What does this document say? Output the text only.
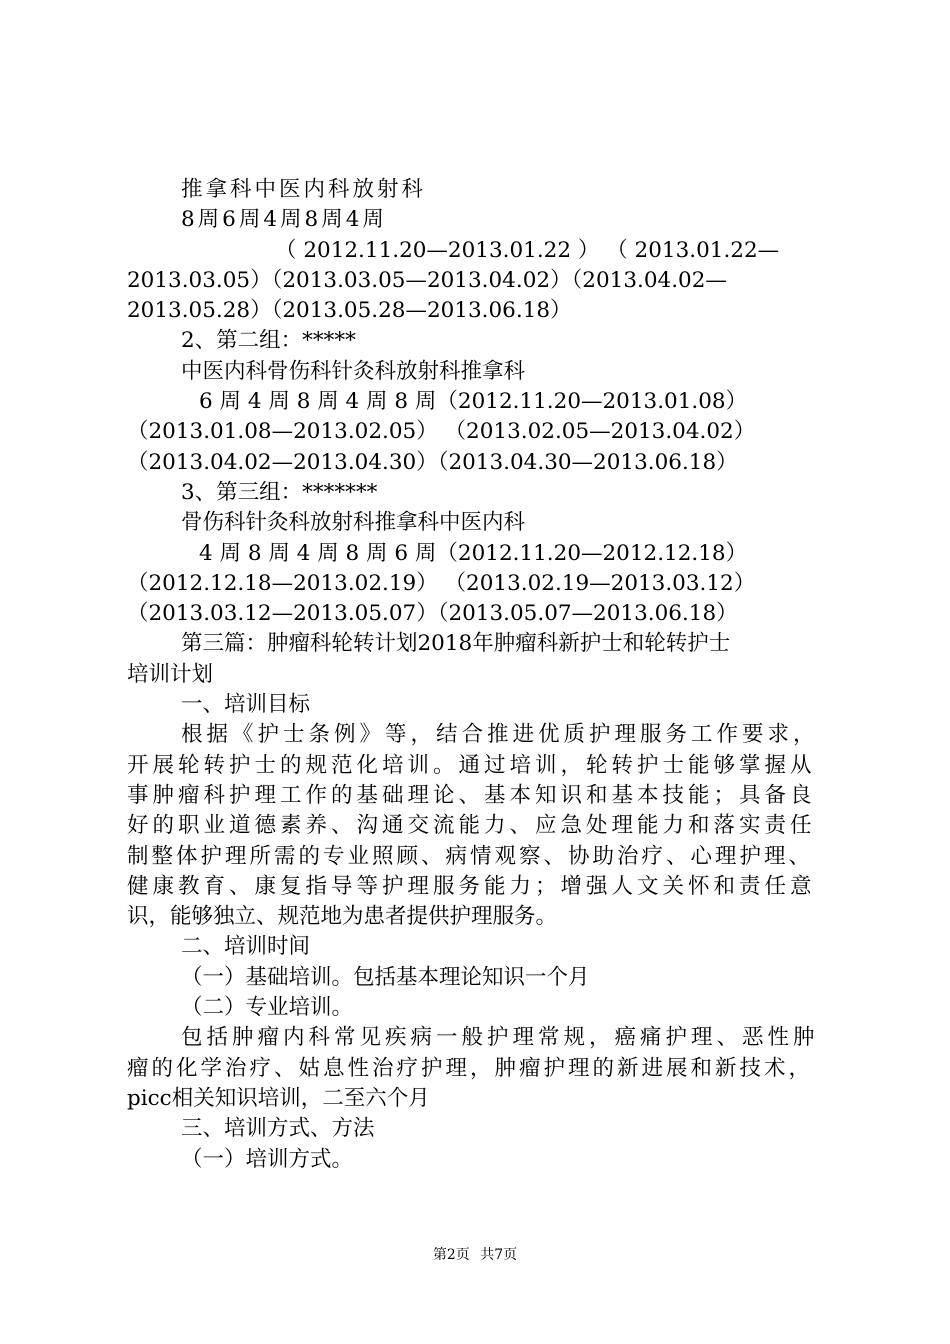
推拿科中医内科放射科
8周6周4周8周4周
（ 2012.11.20—2013.01.22 ） （ 2013.01.22—
2013.03.05）（2013.03.05—2013.04.02）（2013.04.02—
2013.05.28）（2013.05.28—2013.06.18）
2、第二组：*****
中医内科骨伤科针灸科放射科推拿科
6 周 4 周 8 周 4 周 8 周（2012.11.20—2013.01.08）
（2013.01.08—2013.02.05） （2013.02.05—2013.04.02）
（2013.04.02—2013.04.30）（2013.04.30—2013.06.18）
3、第三组：*******
骨伤科针灸科放射科推拿科中医内科
4 周 8 周 4 周 8 周 6 周（2012.11.20—2012.12.18）
（2012.12.18—2013.02.19） （2013.02.19—2013.03.12）
（2013.03.12—2013.05.07）（2013.05.07—2013.06.18）
第三篇：肿瘤科轮转计划2018年肿瘤科新护士和轮转护士
培训计划
一、培训目标
根据《护士条例》等，结合推进优质护理服务工作要求，
开展轮转护士的规范化培训。通过培训，轮转护士能够掌握从
事肿瘤科护理工作的基础理论、基本知识和基本技能；具备良
好的职业道德素养、沟通交流能力、应急处理能力和落实责任
制整体护理所需的专业照顾、病情观察、协助治疗、心理护理、
健康教育、康复指导等护理服务能力；增强人文关怀和责任意
识，能够独立、规范地为患者提供护理服务。
二、培训时间
（一）基础培训。包括基本理论知识一个月
（二）专业培训。
包括肿瘤内科常见疾病一般护理常规，癌痛护理、恶性肿
瘤的化学治疗、姑息性治疗护理，肿瘤护理的新进展和新技术，
picc相关知识培训，二至六个月
三、培训方式、方法
（一）培训方式。
第2页 共7页
